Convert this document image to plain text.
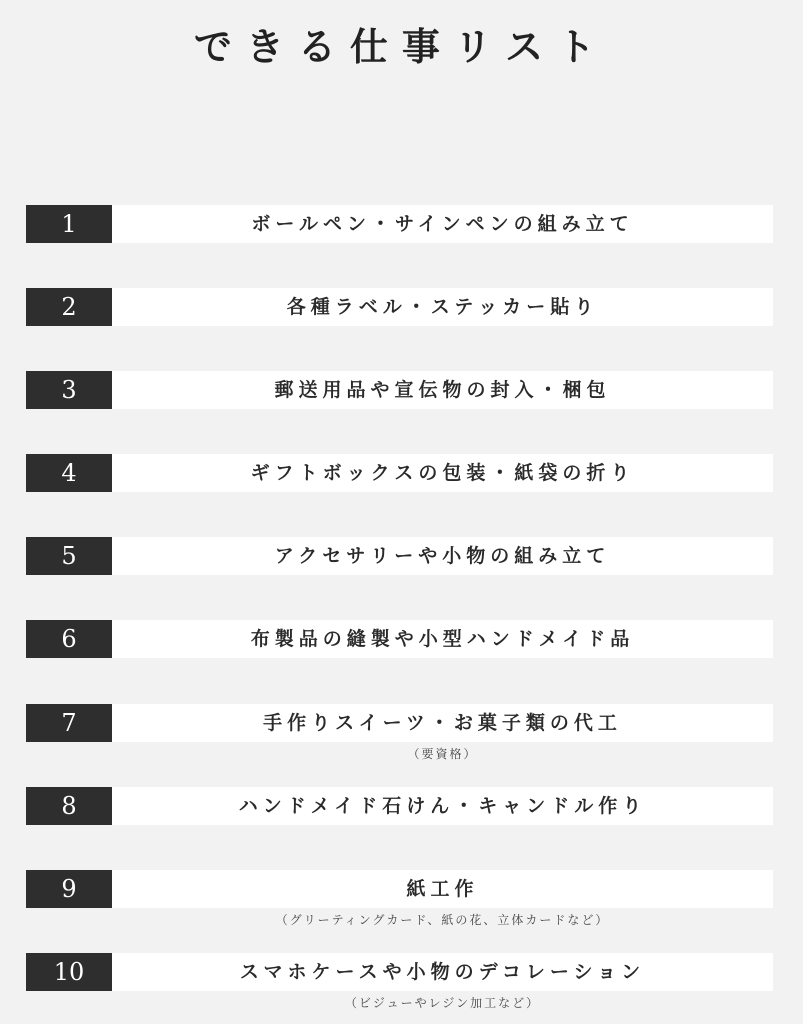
できる仕事リスト
1	ボールペン・サインペンの組み立て
2	各種ラベル・ステッカー貼り
3	郵送用品や宣伝物の封入・梱包
4	ギフトボックスの包装・紙袋の折り
5	アクセサリーや小物の組み立て
6	布製品の縫製や小型ハンドメイド品
7	手作りスイーツ・お菓子類の代工
（要資格）
8	ハンドメイド石けん・キャンドル作り
9	紙工作
（グリーティングカード、紙の花、立体カードなど）
10	スマホケースや小物のデコレーション
（ビジューやレジン加工など）
